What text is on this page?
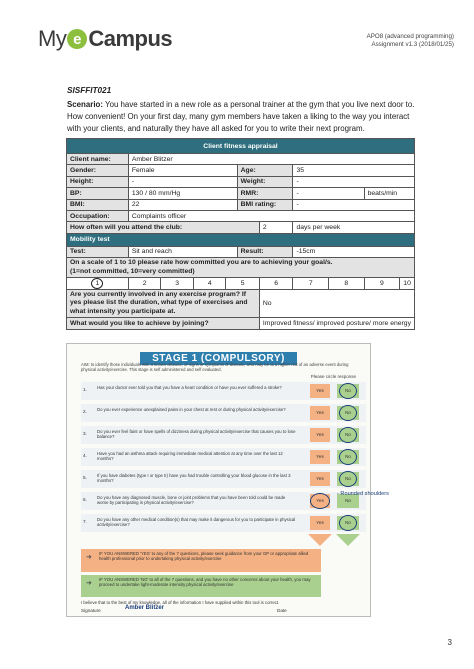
My e Campus	APO8 (advanced programming)
Assignment v1.3 (2018/01/25)
SISFFIT021
Scenario: You have started in a new role as a personal trainer at the gym that you live next door to. How convenient! On your first day, many gym members have taken a liking to the way you interact with your clients, and naturally they have all asked for you to write their next program.
Client fitness appraisal										
Client name:	Amber Blitzer									
Gender:	Female				Age:		35			
Height:	-				Weight:		-			
BP:	130 / 80 mm/Hg				RMR:		-		beats/min	
BMI:	22				BMI rating:		-			
Occupation:	Complaints officer									
How often will you attend the club:						2	days per week			
Mobility test										
Test:	Sit and reach				Result:		-15cm			

On a scale of 1 to 10 please rate how committed you are to achieving your goal/s.
(1=not committed, 10=very committed)										

1	2	3	4	5		6	7	8	9	10
Are you currently involved in any exercise program? If yes please list the duration, what type of exercises and what intensity you participate at.						No				
What would you like to achieve by joining?						Improved fitness/ improved posture/ more energy				
STAGE 1 (COMPULSORY)
AIM: to identify those individuals with a known disease, or signs or symptoms of disease, who may be at a higher risk of an adverse event during physical activity/exercise. This stage is self administered and self evaluated.
Please circle response
1. Has your doctor ever told you that you have a heart condition or have you ever suffered a stroke?
Yes	No
2. Do you ever experience unexplained pains in your chest at rest or during physical activity/exercise?
Yes	No
3. Do you ever feel faint or have spells of dizziness during physical activity/exercise that causes you to lose balance?	Yes	No
4. Have you had an asthma attack requiring immediate medical attention at any time over the last 12 months?	Yes	No
5. If you have diabetes (type I or type II) have you had trouble controlling your blood glucose in the last 3 months?	Yes	No
6. Do you have any diagnosed muscle, bone or joint problems that you have been told could be made worse by participating in physical activity/exercise?	Yes	No
7. Do you have any other medical condition(s) that may make it dangerous for you to participate in physical activity/exercise?	Yes	No
- Rounded shoulders
➜ IF YOU ANSWERED 'YES' to any of the 7 questions, please seek guidance from your GP or appropriate allied health professional prior to undertaking physical activity/exercise
➜ IF YOU ANSWERED 'NO' to all of the 7 questions, and you have no other concerns about your health, you may proceed to undertake light-moderate intensity physical activity/exercise
I believe that to the best of my knowledge, all of the information I have supplied within this tool is correct.
Signature	Amber Blitzer	Date
3
